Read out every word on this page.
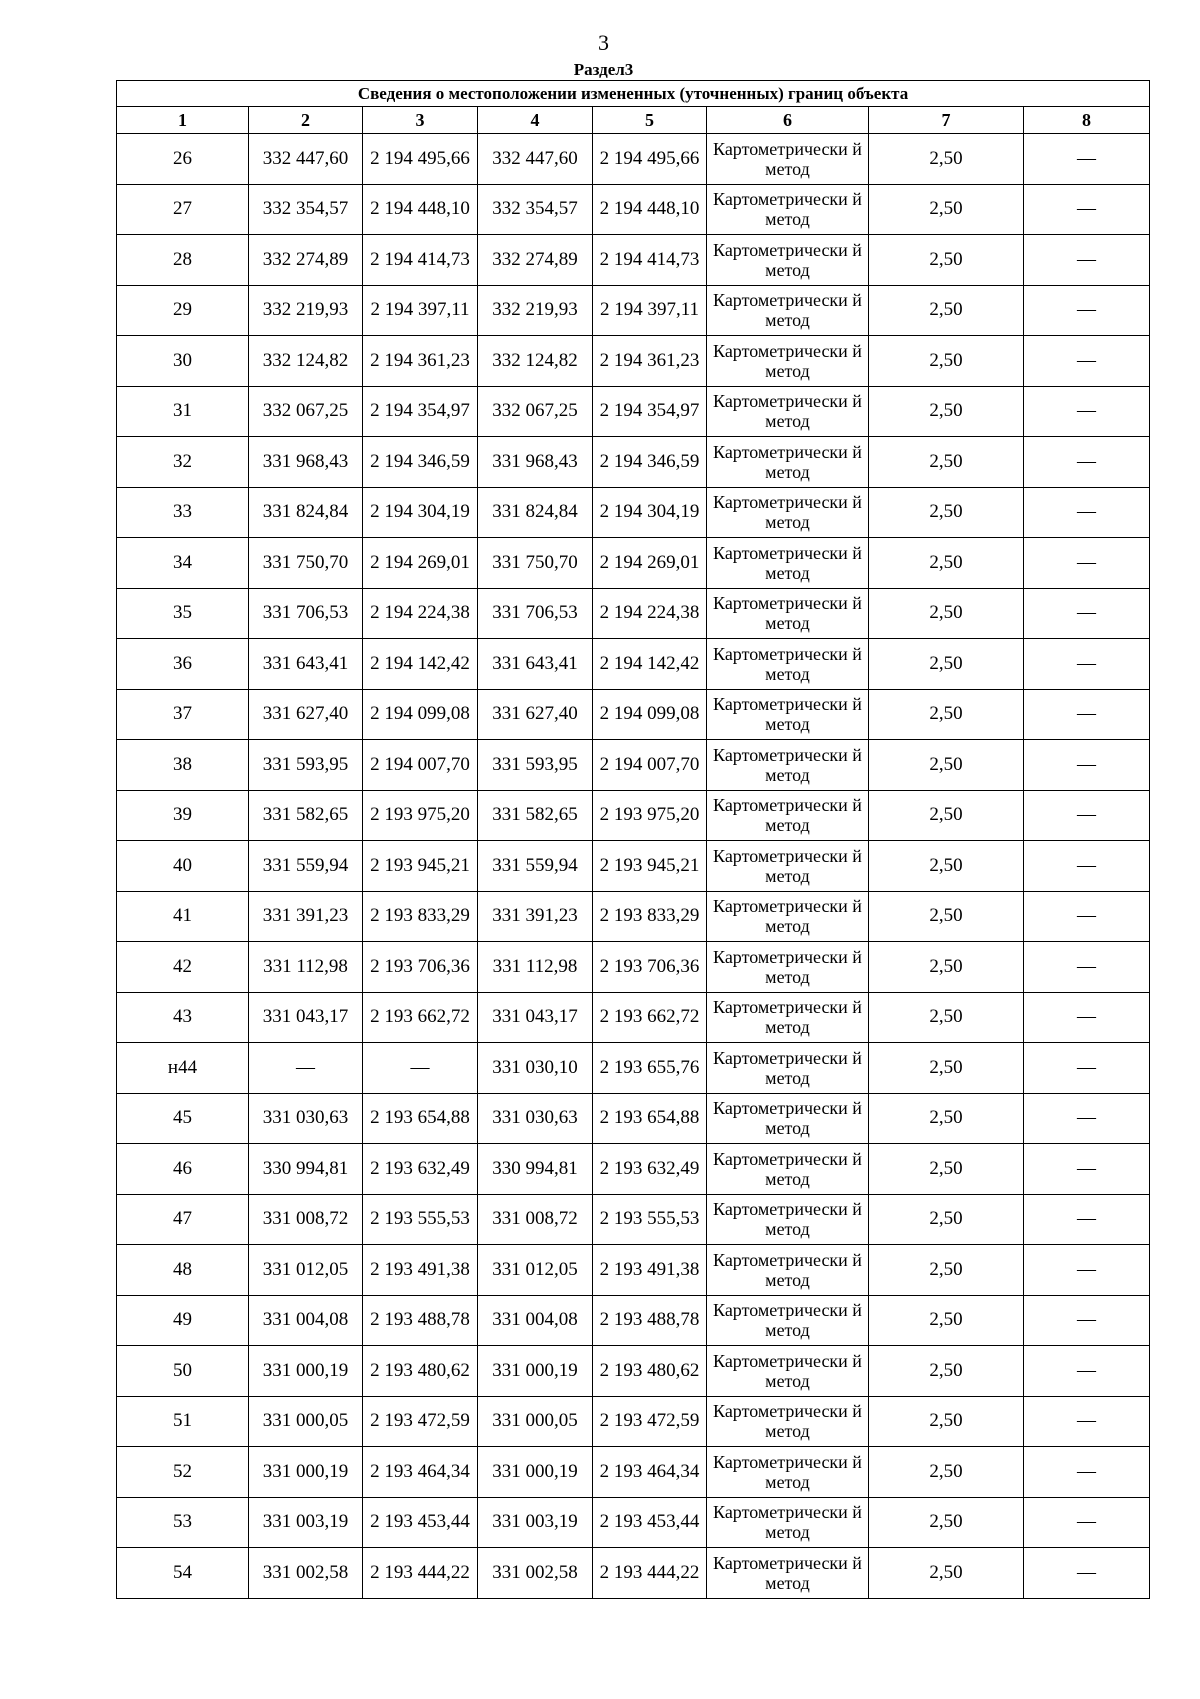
3
Раздел3
Сведения о местоположении измененных (уточненных) границ объекта							
1	2	3	4	5	6	7	8
26	332 447,60	2 194 495,66	332 447,60	2 194 495,66	Картометрически й метод	2,50	—
27	332 354,57	2 194 448,10	332 354,57	2 194 448,10	Картометрически й метод	2,50	—
28	332 274,89	2 194 414,73	332 274,89	2 194 414,73	Картометрически й метод	2,50	—
29	332 219,93	2 194 397,11	332 219,93	2 194 397,11	Картометрически й метод	2,50	—
30	332 124,82	2 194 361,23	332 124,82	2 194 361,23	Картометрически й метод	2,50	—
31	332 067,25	2 194 354,97	332 067,25	2 194 354,97	Картометрически й метод	2,50	—
32	331 968,43	2 194 346,59	331 968,43	2 194 346,59	Картометрически й метод	2,50	—
33	331 824,84	2 194 304,19	331 824,84	2 194 304,19	Картометрически й метод	2,50	—
34	331 750,70	2 194 269,01	331 750,70	2 194 269,01	Картометрически й метод	2,50	—
35	331 706,53	2 194 224,38	331 706,53	2 194 224,38	Картометрически й метод	2,50	—
36	331 643,41	2 194 142,42	331 643,41	2 194 142,42	Картометрически й метод	2,50	—
37	331 627,40	2 194 099,08	331 627,40	2 194 099,08	Картометрически й метод	2,50	—
38	331 593,95	2 194 007,70	331 593,95	2 194 007,70	Картометрически й метод	2,50	—
39	331 582,65	2 193 975,20	331 582,65	2 193 975,20	Картометрически й метод	2,50	—
40	331 559,94	2 193 945,21	331 559,94	2 193 945,21	Картометрически й метод	2,50	—
41	331 391,23	2 193 833,29	331 391,23	2 193 833,29	Картометрически й метод	2,50	—
42	331 112,98	2 193 706,36	331 112,98	2 193 706,36	Картометрически й метод	2,50	—
43	331 043,17	2 193 662,72	331 043,17	2 193 662,72	Картометрически й метод	2,50	—
н44	—	—	331 030,10	2 193 655,76	Картометрически й метод	2,50	—
45	331 030,63	2 193 654,88	331 030,63	2 193 654,88	Картометрически й метод	2,50	—
46	330 994,81	2 193 632,49	330 994,81	2 193 632,49	Картометрически й метод	2,50	—
47	331 008,72	2 193 555,53	331 008,72	2 193 555,53	Картометрически й метод	2,50	—
48	331 012,05	2 193 491,38	331 012,05	2 193 491,38	Картометрически й метод	2,50	—
49	331 004,08	2 193 488,78	331 004,08	2 193 488,78	Картометрически й метод	2,50	—
50	331 000,19	2 193 480,62	331 000,19	2 193 480,62	Картометрически й метод	2,50	—
51	331 000,05	2 193 472,59	331 000,05	2 193 472,59	Картометрически й метод	2,50	—
52	331 000,19	2 193 464,34	331 000,19	2 193 464,34	Картометрически й метод	2,50	—
53	331 003,19	2 193 453,44	331 003,19	2 193 453,44	Картометрически й метод	2,50	—
54	331 002,58	2 193 444,22	331 002,58	2 193 444,22	Картометрически й метод	2,50	—
